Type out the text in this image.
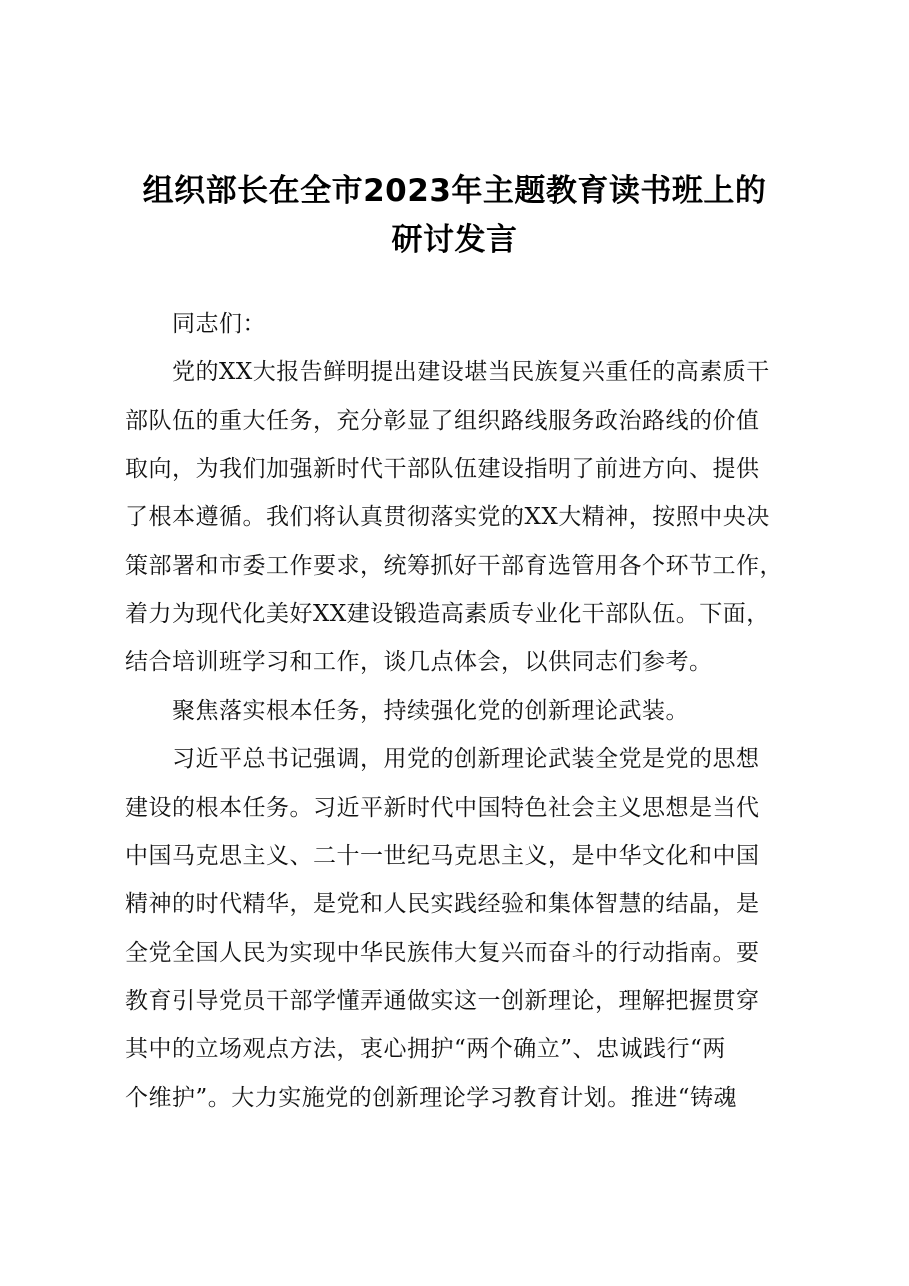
组织部长在全市2023年主题教育读书班上的
研讨发言
同志们：
党的XX大报告鲜明提出建设堪当民族复兴重任的高素质干
部队伍的重大任务，充分彰显了组织路线服务政治路线的价值
取向，为我们加强新时代干部队伍建设指明了前进方向、提供
了根本遵循。我们将认真贯彻落实党的XX大精神，按照中央决
策部署和市委工作要求，统筹抓好干部育选管用各个环节工作，
着力为现代化美好XX建设锻造高素质专业化干部队伍。下面，
结合培训班学习和工作，谈几点体会，以供同志们参考。
聚焦落实根本任务，持续强化党的创新理论武装。
习近平总书记强调，用党的创新理论武装全党是党的思想
建设的根本任务。习近平新时代中国特色社会主义思想是当代
中国马克思主义、二十一世纪马克思主义，是中华文化和中国
精神的时代精华，是党和人民实践经验和集体智慧的结晶，是
全党全国人民为实现中华民族伟大复兴而奋斗的行动指南。要
教育引导党员干部学懂弄通做实这一创新理论，理解把握贯穿
其中的立场观点方法，衷心拥护“两个确立”、忠诚践行“两
个维护”。大力实施党的创新理论学习教育计划。推进“铸魂
